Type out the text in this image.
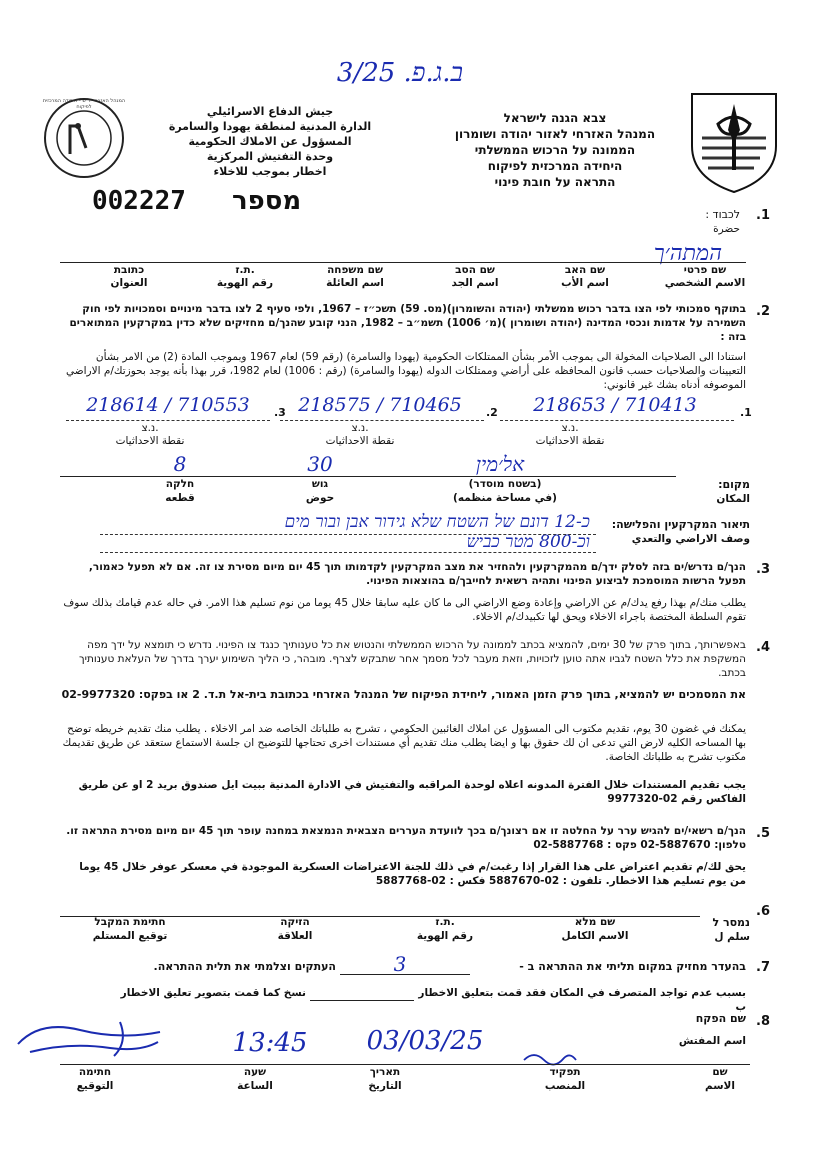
3/25 .ב.ג.פ
צבא הגנה לישראל
המנהל האזרחי לאזור יהודה ושומרון
הממונה על הרכוש הממשלתי
היחידה המרכזית לפיקוח
התראה על חובת פינוי
جيش الدفاع الاسرائيلي
الدارة المدنية لمنطقة يهودا والسامرة
المسؤول عن الاملاك الحكومية
وحدة التفتيش المركزية
اخطار بموجب للاخلاء
המנהל האזרחי יו״ש - היחידה המרכזית לפיקוח
002227 מספר	.1
לכבוד :
حضرة
המתה׳ך
שם פרטי
الاسم الشخصي
שם האב
اسم الأب
שם הסב
اسم الجد
שם משפחה
اسم العائلة
ת.ז.
رقم الهوية
כתובת
العنوان
.2
בתוקף סמכותי לפי הצו בדבר רכוש ממשלתי (יהודה והשומרון)(מס. 59) תשכ״ז – 1967, ולפי סעיף 2 לצו בדבר מינויים וסמכויות לפי חוק השמירה על אדמות ונכסי המדינה (יהודה ושומרון )(מ׳ 1006) תשמ״ב – 1982, הנני קובע שהנך/ם מחזיקים שלא כדין במקרקעין המתוארים בזה :
استنادا الى الصلاحيات المخولة الى بموجب الأمر بشأن الممتلكات الحكومية (يهودا والسامرة) (رقم 59) لعام 1967 وبموجب المادة (2) من الامر بشأن التعيينات والصلاحيات حسب قانون المحافظه على أراضي وممتلكات الدوله (يهودا والسامرة) (رقم : 1006) لعام 1982، قرر بهذا بأنه يوجد بحوزتك/م الاراضي الموصوفه أدناه بشك غير قانوني:
.1
218653 / 710413
.2
218575 / 710465
.3
218614 / 710553
נ.צ.
نقطة الاحداثيات
נ.צ.
نقطة الاحداثيات
נ.צ.
نقطة الاحداثيات
אל׳מין
30
8
מקום:
المكان
(בשטח מוסדר)
(في مساحة منظمه)
גוש
حوض
חלקה
قطعه
תיאור המקרקעין והפלישה:
وصف الاراضي والتعدي
כ-12 דונם של השטח שלא גידור אבן ובור מים
וכ-800 מטר כביש
.3
הנך/ם נדרש/ים בזה לסלק ידך/ם מהמקרקעין ולהחזיר את מצב המקרקעין לקדמותו תוך 45 יום מיום מסירת צו זה. אם לא תפעל כאמור, תפעל הרשות המוסמכת לביצוע הפינוי ותהיה רשאית לחייבך/ם בהוצאות הפינוי.
يطلب منك/م بهذا رفع يدك/م عن الاراضي وإعادة وضع الاراضي الى ما كان عليه سابقا خلال 45 يوما من نوم تسليم هذا الامر. في حاله عدم قيامك بذلك سوف تقوم السلطة المختصة باجراء الاخلاء ويحق لها تكبيدك/م الاخلاء.
.4
באפשרותך, בתוך פרק של 30 ימים, להמציא בכתב לממונה על הרכוש הממשלתי והנטוש את כל טענותיך כנגד צו הפינוי. נדרש כי תומצא על ידך מפה המשקפת את כלל השטח לגביו אתה טוען לזכויות, וזאת מעבר לכל מסמך אחר שתבקש לצרף. מובהר, כי הליך השימוע יערך בדרך של העלאת טענותיך בכתב.
את המסמכים יש להמציא, בתוך פרק הזמן האמור, ליחידת הפיקוח של המנהל האזרחי בכתובת בית-אל ת.ד. 2 או בפקס: 02-9977320
يمكنك في غضون 30 يوم، تقديم مكتوب الى المسؤول عن املاك الغائبين الحكومي ، تشرح به طلباتك الخاصه ضد امر الاخلاء . يطلب منك تقديم خريطه توضح بها المساحه الكليه لارض التي تدعى ان لك حقوق بها و ايضا يطلب منك تقديم أي مستندات اخرى تحتاجها للتوضيح ان جلسة الاستماع ستعقد عن طريق تقديمك مكتوب تشرح به طلباتك الخاصة.
يجب تقديم المستندات خلال الفترة المدونه اعلاه لوحدة المراقبه والتفتيش في الادارة المدنية ببيت ايل صندوق بريد 2 او عن طريق الفاكس رقم 02-9977320
.5
הנך/ם רשאי/ים להגיש ערר על החלטה זו אם רצונך/ם בכך לוועדת העררים הצבאית הנמצאת במחנה עופר תוך 45 יום מיום מסירת התראה זו. טלפון: 02-5887670 פקס : 02-5887768
يحق لك/م تقديم اعتراض على هذا القرار إذا رغبت/م في ذلك للجنة الاعتراضات العسكرية الموجودة في معسكر عوفر خلال 45 يوما من يوم تسليم هذا الاخطار. تلفون : 02-5887670 فكس : 02-5887768
.6
נמסר ל
سلم ل
שם מלא
الاسم الكامل
ת.ז.
رقم الهوية
הזיקה
العلاقة
חתימת המקבל
توقيع المستلم
.7
בהעדר מחזיק במקום תליתי את ההתראה ב -
3
העתקים וצלמתי את תלית ההתראה.
بسبب عدم تواجد المتصرف في المكان فقد قمت بتعليق الاخطار ب
نسخ كما قمت بتصوير تعليق الاخطار
.8
שם הפקח
اسم المفتش
03/03/25
13:45
שם
الاسم
תפקיד
المنصب
תאריך
التاريخ
שעה
الساعة
חתימה
التوقيع
